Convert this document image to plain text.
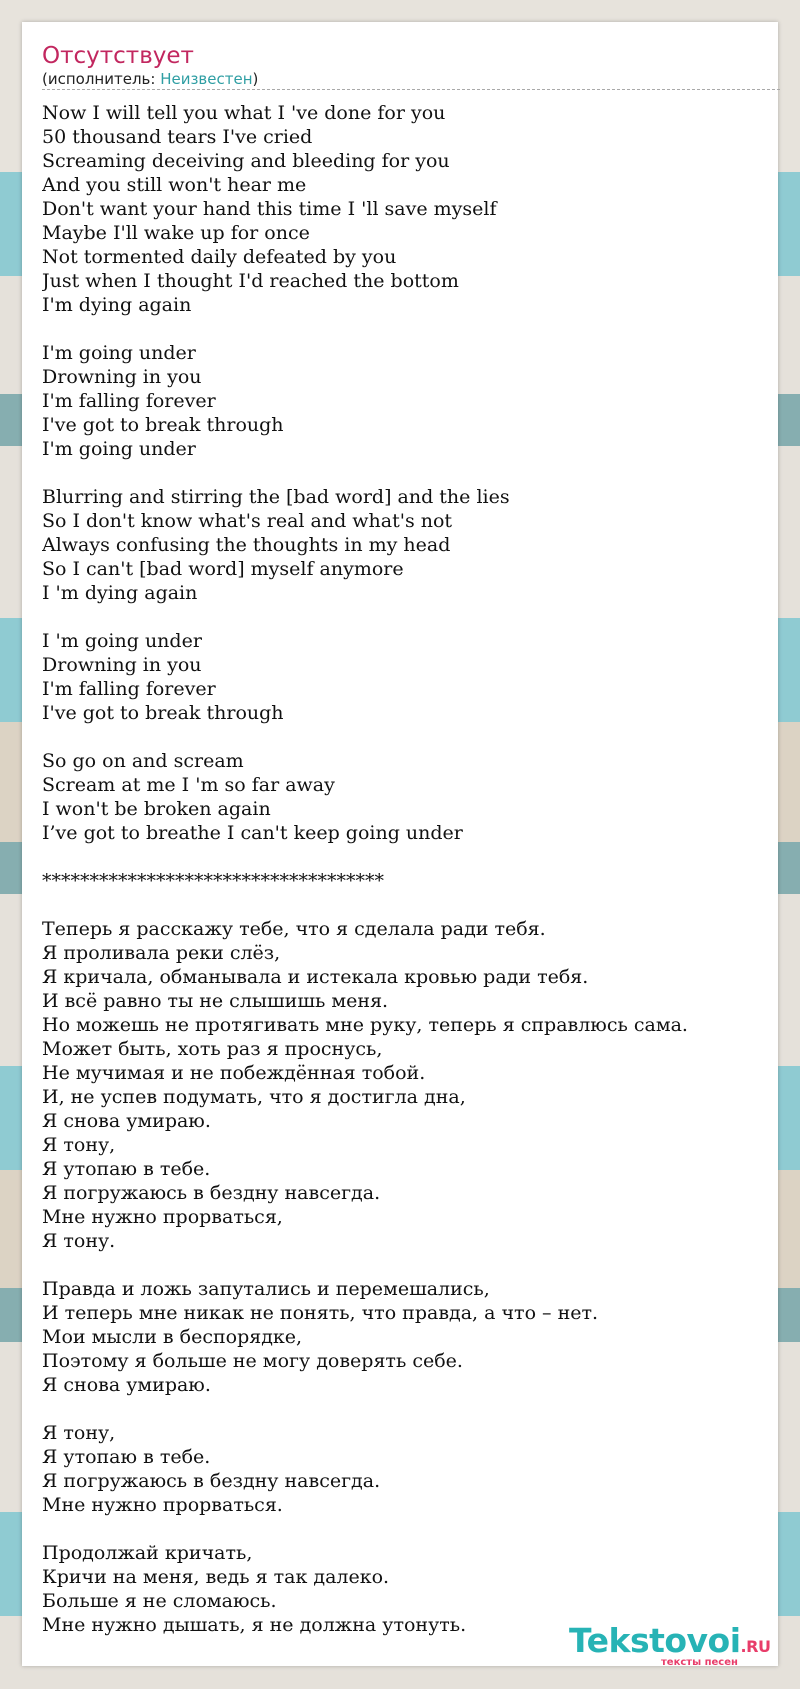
Отсутствует
(исполнитель: Неизвестен)
Now I will tell you what I 've done for you
50 thousand tears I've cried
Screaming deceiving and bleeding for you
And you still won't hear me
Don't want your hand this time I 'll save myself
Maybe I'll wake up for once
Not tormented daily defeated by you
Just when I thought I'd reached the bottom
I'm dying again
I'm going under
Drowning in you
I'm falling forever
I've got to break through
I'm going under
Blurring and stirring the [bad word] and the lies
So I don't know what's real and what's not
Always confusing the thoughts in my head
So I can't [bad word] myself anymore
I 'm dying again
I 'm going under
Drowning in you
I'm falling forever
I've got to break through
So go on and scream
Scream at me I 'm so far away
I won't be broken again
I’ve got to breathe I can't keep going under
************************************
Теперь я расскажу тебе, что я сделала ради тебя.
Я проливала реки слёз,
Я кричала, обманывала и истекала кровью ради тебя.
И всё равно ты не слышишь меня.
Но можешь не протягивать мне руку, теперь я справлюсь сама.
Может быть, хоть раз я проснусь,
Не мучимая и не побеждённая тобой.
И, не успев подумать, что я достигла дна,
Я снова умираю.
Я тону,
Я утопаю в тебе.
Я погружаюсь в бездну навсегда.
Мне нужно прорваться,
Я тону.
Правда и ложь запутались и перемешались,
И теперь мне никак не понять, что правда, а что – нет.
Мои мысли в беспорядке,
Поэтому я больше не могу доверять себе.
Я снова умираю.
Я тону,
Я утопаю в тебе.
Я погружаюсь в бездну навсегда.
Мне нужно прорваться.
Продолжай кричать,
Кричи на меня, ведь я так далеко.
Больше я не сломаюсь.
Мне нужно дышать, я не должна утонуть.	Tekstovoi.RU
тексты песен
